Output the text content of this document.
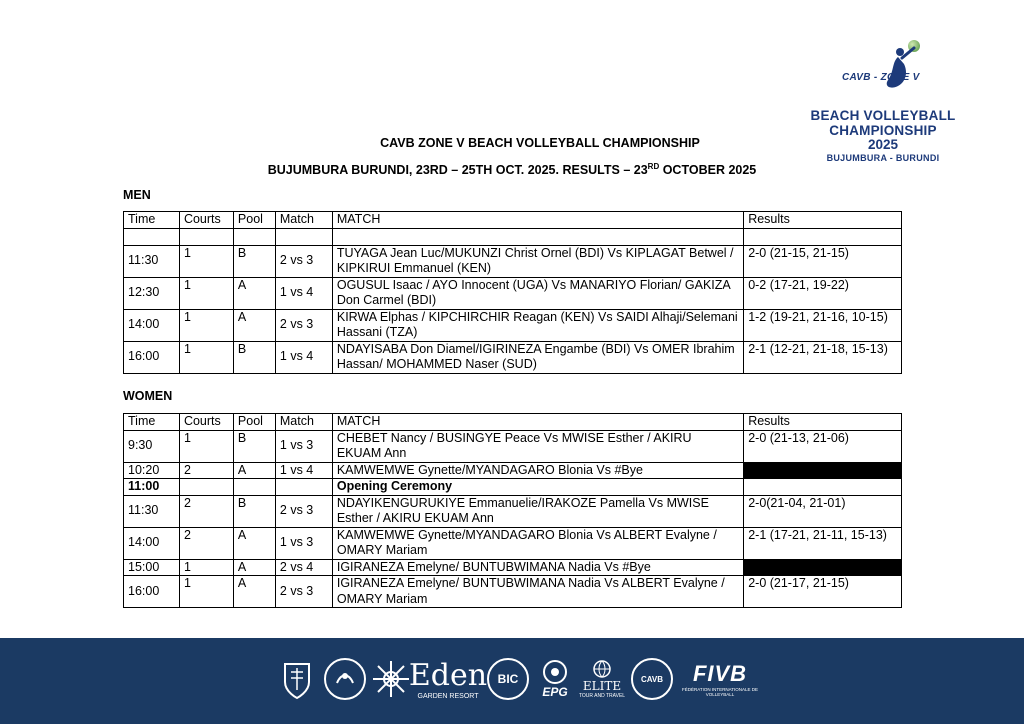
CAVB - ZONE V
BEACH VOLLEYBALL
CHAMPIONSHIP
2025
BUJUMBURA - BURUNDI
CAVB ZONE V BEACH VOLLEYBALL CHAMPIONSHIP
BUJUMBURA BURUNDI, 23RD – 25TH OCT. 2025. RESULTS – 23RD OCTOBER 2025
MEN
Time	Courts	Pool	Match	MATCH	Results

11:30	1	B	2 vs 3	TUYAGA Jean Luc/MUKUNZI Christ Ornel (BDI) Vs KIPLAGAT Betwel / KIPKIRUI Emmanuel (KEN)	2-0 (21-15, 21-15)
12:30	1	A	1 vs 4	OGUSUL Isaac / AYO Innocent (UGA) Vs MANARIYO Florian/ GAKIZA Don Carmel (BDI)	0-2 (17-21, 19-22)
14:00	1	A	2 vs 3	KIRWA Elphas / KIPCHIRCHIR Reagan (KEN) Vs SAIDI Alhaji/Selemani Hassani (TZA)	1-2 (19-21, 21-16, 10-15)
16:00	1	B	1 vs 4	NDAYISABA Don Diamel/IGIRINEZA Engambe (BDI) Vs OMER Ibrahim Hassan/ MOHAMMED Naser (SUD)	2-1 (12-21, 21-18, 15-13)
WOMEN
Time	Courts	Pool	Match	MATCH	Results
9:30	1	B	1 vs 3	CHEBET Nancy / BUSINGYE Peace Vs MWISE Esther / AKIRU EKUAM Ann	2-0 (21-13, 21-06)
10:20	2	A	1 vs 4	KAMWEMWE Gynette/MYANDAGARO Blonia Vs #Bye	
11:00				Opening Ceremony	
11:30	2	B	2 vs 3	NDAYIKENGURUKIYE Emmanuelie/IRAKOZE Pamella Vs MWISE Esther / AKIRU EKUAM Ann	2-0(21-04, 21-01)
14:00	2	A	1 vs 3	KAMWEMWE Gynette/MYANDAGARO Blonia Vs ALBERT Evalyne / OMARY Mariam	2-1 (17-21, 21-11, 15-13)
15:00	1	A	2 vs 4	IGIRANEZA Emelyne/ BUNTUBWIMANA Nadia Vs #Bye	
16:00	1	A	2 vs 3	IGIRANEZA Emelyne/ BUNTUBWIMANA Nadia Vs ALBERT Evalyne / OMARY Mariam	2-0 (21-17, 21-15)
Eden
GARDEN RESORT
BIC
EPG ELITE
TOUR AND TRAVEL
CAVB	FIVB
FÉDÉRATION INTERNATIONALE DE VOLLEYBALL
